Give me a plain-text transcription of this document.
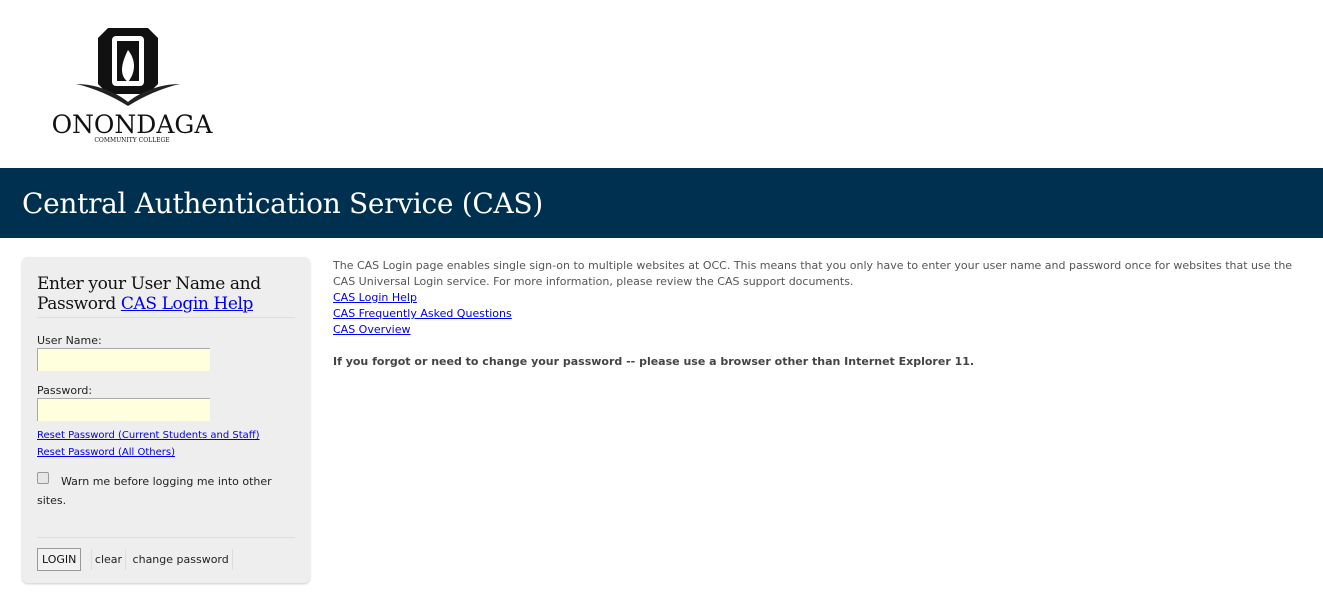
ONONDAGA
COMMUNITY COLLEGE
Central Authentication Service (CAS)
Enter your User Name and Password CAS Login Help
User Name:
Password:
Reset Password (Current Students and Staff)
Reset Password (All Others)
Warn me before logging me into other sites.
LOGIN clear change password
The CAS Login page enables single sign-on to multiple websites at OCC. This means that you only have to enter your user name and password once for websites that use the CAS Universal Login service. For more information, please review the CAS support documents.
CAS Login Help
CAS Frequently Asked Questions
CAS Overview
If you forgot or need to change your password -- please use a browser other than Internet Explorer 11.
